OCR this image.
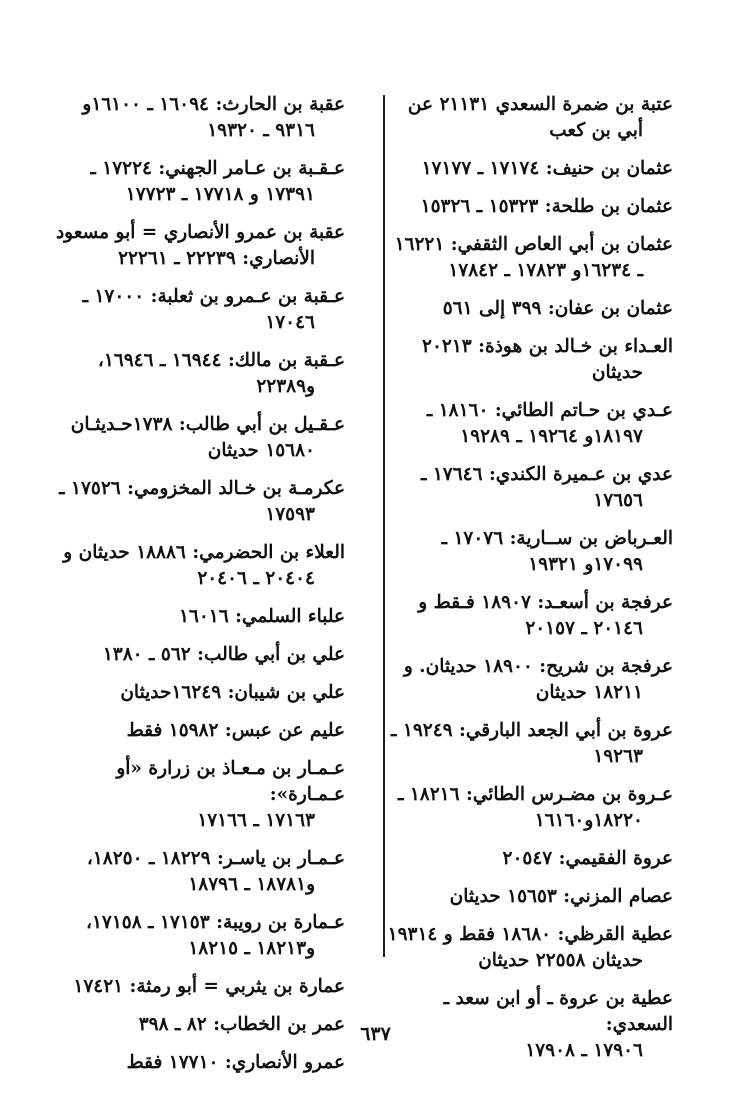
عتبة بن ضمرة السعدي ٢١١٣١ عن
أبي بن كعب
عثمان بن حنيف: ١٧١٧٤ ـ ١٧١٧٧
عثمان بن طلحة: ١٥٣٢٣ ـ ١٥٣٢٦
عثمان بن أبي العاص الثقفي: ١٦٢٢١
ـ ١٦٢٣٤و ١٧٨٢٣ ـ ١٧٨٤٢
عثمان بن عفان: ٣٩٩ إلى ٥٦١
العـداء بن خـالد بن هوذة: ٢٠٢١٣
حديثان
عـدي بن حـاتم الطائي: ١٨١٦٠ ـ
١٨١٩٧و ١٩٢٦٤ ـ ١٩٢٨٩
عدي بن عـميرة الكندي: ١٧٦٤٦ ـ
١٧٦٥٦
العـرباض بن ســارية: ١٧٠٧٦ ـ
١٧٠٩٩و ١٩٣٢١
عرفجة بن أسعـد: ١٨٩٠٧ فـقط و
٢٠١٤٦ ـ ٢٠١٥٧
عرفجة بن شريح: ١٨٩٠٠ حديثان. و
١٨٢١١ حديثان
عروة بن أبي الجعد البارقي: ١٩٢٤٩ ـ
١٩٢٦٣
عـروة بن مضـرس الطائي: ١٨٢١٦ ـ
١٨٢٢٠و١٦١٦٠
عروة الفقيمي: ٢٠٥٤٧
عصام المزني: ١٥٦٥٣ حديثان
عطية القرظي: ١٨٦٨٠ فقط و ١٩٣١٤
حديثان ٢٢٥٥٨ حديثان
عطية بن عروة ـ أو ابن سعد ـ السعدي:
١٧٩٠٦ ـ ١٧٩٠٨
عقبة بن الحارث: ١٦٠٩٤ ـ ١٦١٠٠و
٩٣١٦ ـ ١٩٣٢٠
عـقـبة بن عـامر الجهني: ١٧٢٢٤ ـ
١٧٣٩١ و ١٧٧١٨ ـ ١٧٧٢٣
عقبة بن عمرو الأنصاري = أبو مسعود
الأنصاري: ٢٢٢٣٩ ـ ٢٢٢٦١
عـقبة بن عـمرو بن ثعلبة: ١٧٠٠٠ ـ
١٧٠٤٦
عـقبة بن مالك: ١٦٩٤٤ ـ ١٦٩٤٦،
و٢٢٣٨٩
عـقـيل بن أبي طالب: ١٧٣٨حـديثـان
١٥٦٨٠ حديثان
عكرمـة بن خـالد المخزومي: ١٧٥٢٦ ـ
١٧٥٩٣
العلاء بن الحضرمي: ١٨٨٨٦ حديثان و
٢٠٤٠٤ ـ ٢٠٤٠٦
علباء السلمي: ١٦٠١٦
علي بن أبي طالب: ٥٦٢ ـ ١٣٨٠
علي بن شيبان: ١٦٢٤٩حديثان
عليم عن عبس: ١٥٩٨٢ فقط
عـمـار بن مـعـاذ بن زرارة «أو عـمـارة»:
١٧١٦٣ ـ ١٧١٦٦
عـمـار بن ياسـر: ١٨٢٢٩ ـ ١٨٢٥٠،
و١٨٧٨١ ـ ١٨٧٩٦
عـمارة بن رويبة: ١٧١٥٣ ـ ١٧١٥٨،
و١٨٢١٣ ـ ١٨٢١٥
عمارة بن يثربي = أبو رمثة: ١٧٤٢١
عمر بن الخطاب: ٨٢ ـ ٣٩٨
عمرو الأنصاري: ١٧٧١٠ فقط
٦٣٧
